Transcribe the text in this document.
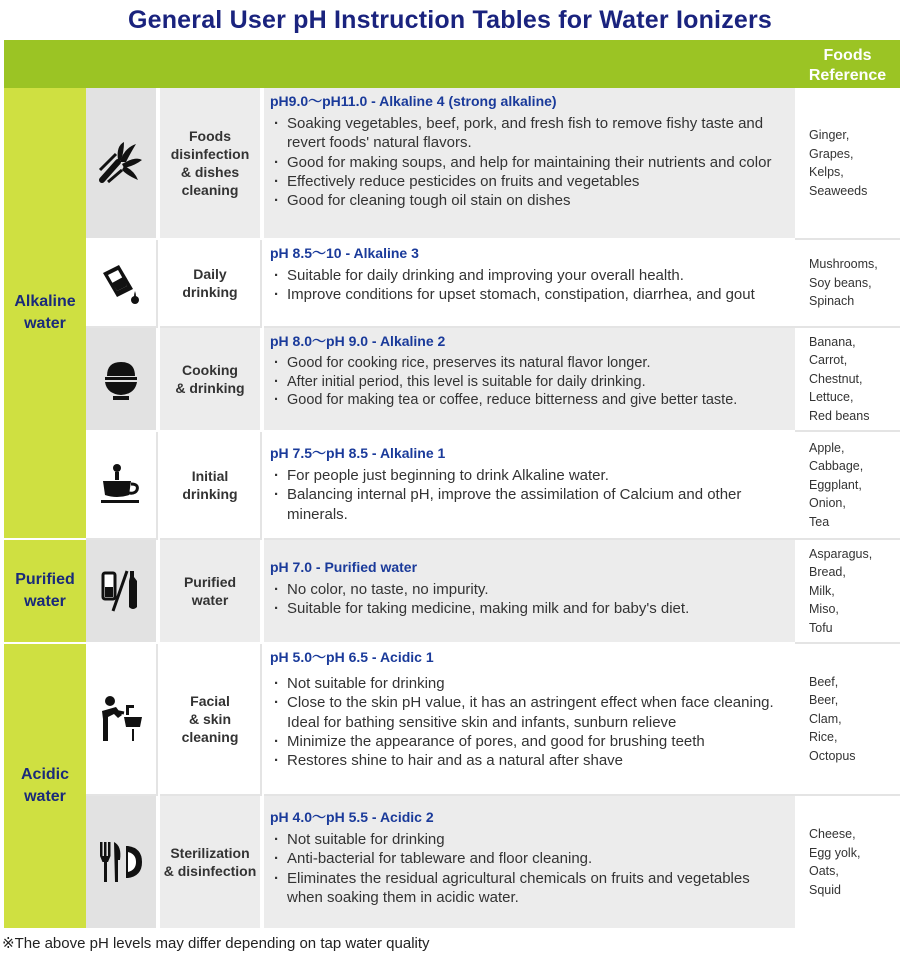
General User pH Instruction Tables for Water Ionizers
Foods Reference
Alkaline
water
Purified
water
Acidic
water
Foods
disinfection
& dishes
cleaning
pH9.0～pH11.0 - Alkaline 4 (strong alkaline)
· Soaking vegetables, beef, pork, and fresh fish to remove fishy taste and revert foods' natural flavors.
· Good for making soups, and help for maintaining their nutrients and color
· Effectively reduce pesticides on fruits and vegetables
· Good for cleaning tough oil stain on dishes
Ginger,
Grapes,
Kelps,
Seaweeds
Daily
drinking
pH 8.5～10 - Alkaline 3
· Suitable for daily drinking and improving your overall health.
· Improve conditions for upset stomach, constipation, diarrhea, and gout
Mushrooms,
Soy beans,
Spinach
Cooking
& drinking
pH 8.0～pH 9.0 - Alkaline 2
· Good for cooking rice, preserves its natural flavor longer.
· After initial period, this level is suitable for daily drinking.
· Good for making tea or coffee, reduce bitterness and give better taste.
Banana,
Carrot,
Chestnut,
Lettuce,
Red beans
Initial
drinking
pH 7.5～pH 8.5 - Alkaline 1
· For people just beginning to drink Alkaline water.
· Balancing internal pH, improve the assimilation of Calcium and other minerals.
Apple,
Cabbage,
Eggplant,
Onion,
Tea
Purified
water
pH 7.0 - Purified water
· No color, no taste, no impurity.
· Suitable for taking medicine, making milk and for baby's diet.
Asparagus,
Bread,
Milk,
Miso,
Tofu
Facial
& skin
cleaning
pH 5.0～pH 6.5 - Acidic 1
· Not suitable for drinking
· Close to the skin pH value, it has an astringent effect when face cleaning.
Ideal for bathing sensitive skin and infants, sunburn relieve
· Minimize the appearance of pores, and good for brushing teeth
· Restores shine to hair and as a natural after shave
Beef,
Beer,
Clam,
Rice,
Octopus
Sterilization
& disinfection
pH 4.0～pH 5.5 - Acidic 2
· Not suitable for drinking
· Anti-bacterial for tableware and floor cleaning.
· Eliminates the residual agricultural chemicals on fruits and vegetables when soaking them in acidic water.
Cheese,
Egg yolk,
Oats,
Squid
※The above pH levels may differ depending on tap water quality
